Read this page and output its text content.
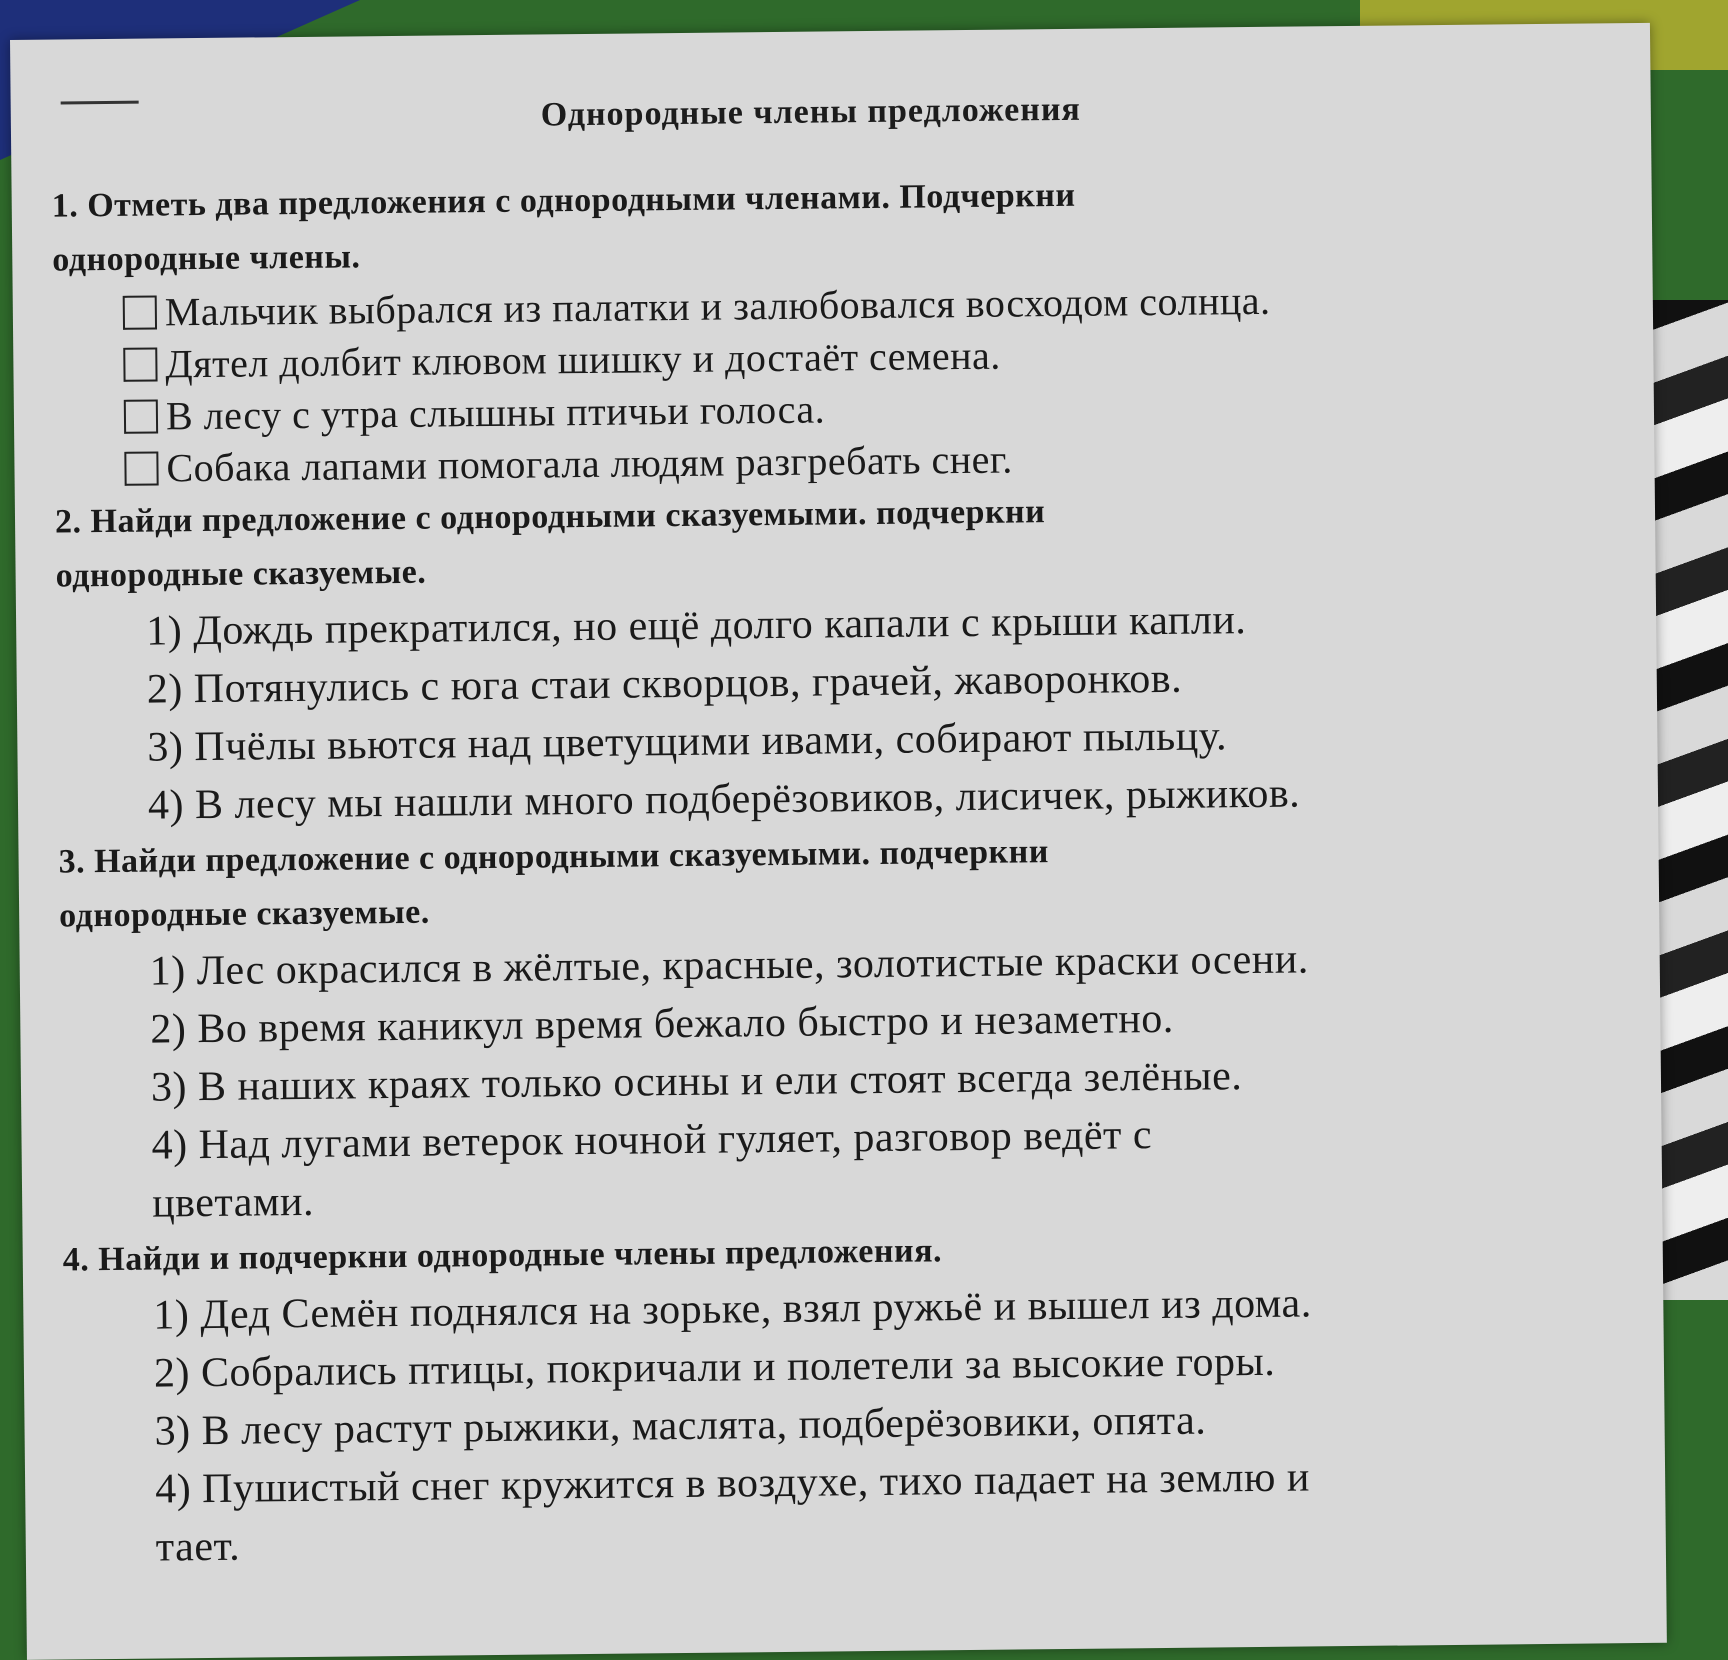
Однородные члены предложения
1. Отметь два предложения с однородными членами. Подчеркни
однородные члены.
Мальчик выбрался из палатки и залюбовался восходом солнца.
Дятел долбит клювом шишку и достаёт семена.
В лесу с утра слышны птичьи голоса.
Собака лапами помогала людям разгребать снег.
2. Найди предложение с однородными сказуемыми. подчеркни
однородные сказуемые.
1) Дождь прекратился, но ещё долго капали с крыши капли.
2) Потянулись с юга стаи скворцов, грачей, жаворонков.
3) Пчёлы вьются над цветущими ивами, собирают пыльцу.
4) В лесу мы нашли много подберёзовиков, лисичек, рыжиков.
3. Найди предложение с однородными сказуемыми. подчеркни
однородные сказуемые.
1) Лес окрасился в жёлтые, красные, золотистые краски осени.
2) Во время каникул время бежало быстро и незаметно.
3) В наших краях только осины и ели стоят всегда зелёные.
4) Над лугами ветерок ночной гуляет, разговор ведёт с
цветами.
4. Найди и подчеркни однородные члены предложения.
1) Дед Семён поднялся на зорьке, взял ружьё и вышел из дома.
2) Собрались птицы, покричали и полетели за высокие горы.
3) В лесу растут рыжики, маслята, подберёзовики, опята.
4) Пушистый снег кружится в воздухе, тихо падает на землю и
тает.
